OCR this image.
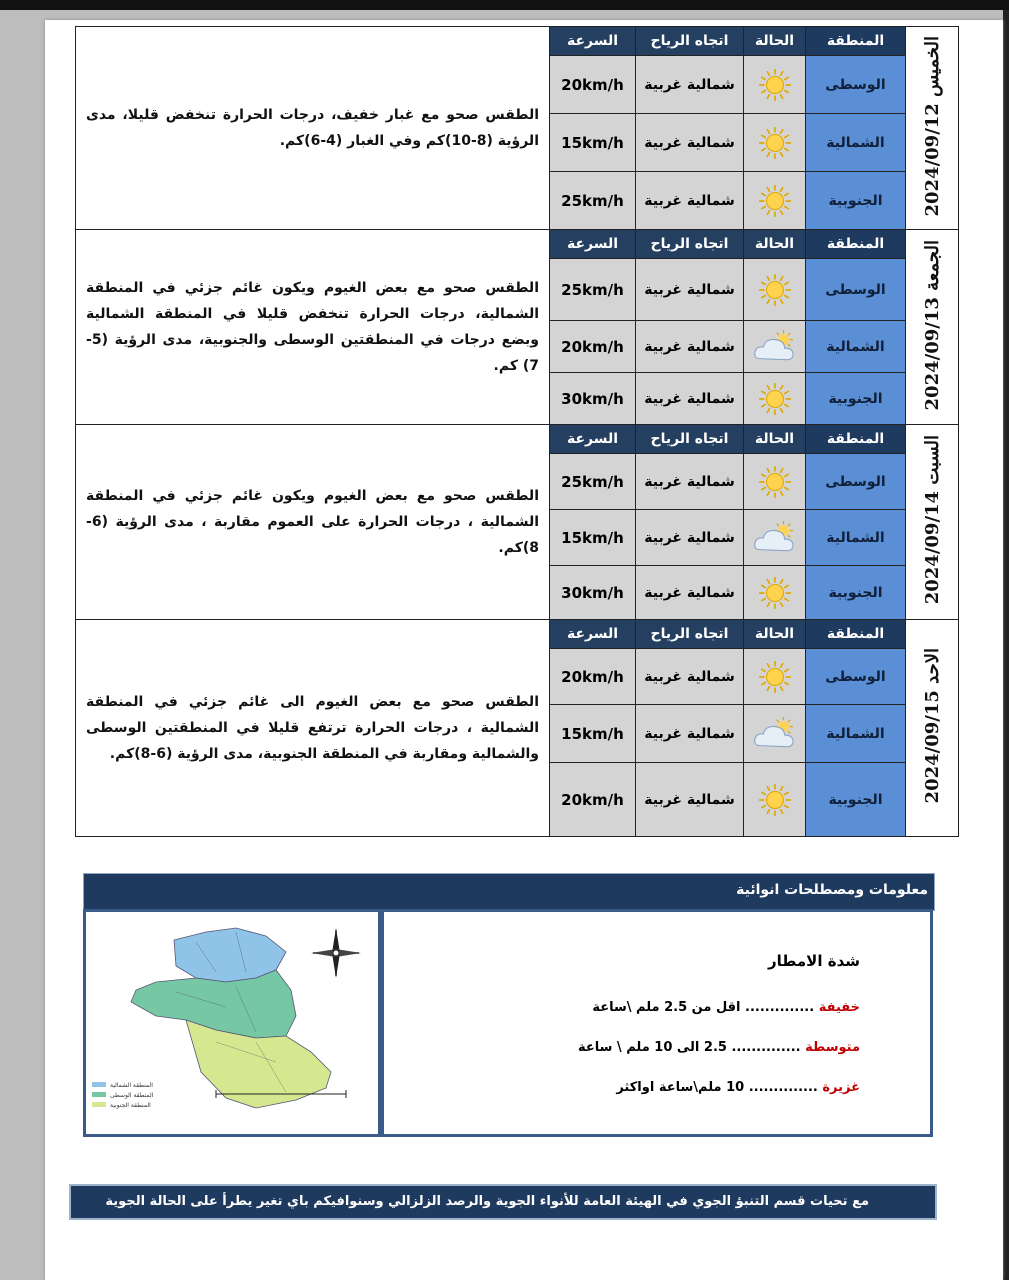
الطقس صحو مع غبار خفيف، درجات الحرارة تنخفض قليلا، مدى الرؤية (8-10)كم وفي الغبار (4-6)كم.	السرعة	اتجاه الرياح	الحالة	المنطقة	الخميس 2024/09/12
	20km/h	شمالية غربية		الوسطى	
	15km/h	شمالية غربية		الشمالية	
	25km/h	شمالية غربية		الجنوبية	
الطقس صحو مع بعض الغيوم ويكون غائم جزئي في المنطقة الشمالية، درجات الحرارة تنخفض قليلا في المنطقة الشمالية وبضع درجات في المنطقتين الوسطى والجنوبية، مدى الرؤية (5-7) كم.	السرعة	اتجاه الرياح	الحالة	المنطقة	الجمعة 2024/09/13
	25km/h	شمالية غربية		الوسطى	
	20km/h	شمالية غربية		الشمالية	
	30km/h	شمالية غربية		الجنوبية	
الطقس صحو مع بعض الغيوم ويكون غائم جزئي في المنطقة الشمالية ، درجات الحرارة على العموم مقاربة ، مدى الرؤية (6-8)كم.	السرعة	اتجاه الرياح	الحالة	المنطقة	السبت 2024/09/14
	25km/h	شمالية غربية		الوسطى	
	15km/h	شمالية غربية		الشمالية	
	30km/h	شمالية غربية		الجنوبية	
الطقس صحو مع بعض الغيوم الى غائم جزئي في المنطقة الشمالية ، درجات الحرارة ترتفع قليلا في المنطقتين الوسطى والشمالية ومقاربة في المنطقة الجنوبية، مدى الرؤية (6-8)كم.	السرعة	اتجاه الرياح	الحالة	المنطقة	الاحد 2024/09/15
	20km/h	شمالية غربية		الوسطى	
	15km/h	شمالية غربية		الشمالية	
	20km/h	شمالية غربية		الجنوبية	
معلومات ومصطلحات انوائية
المنطقة الشمالية
المنطقة الوسطى
المنطقة الجنوبية
شدة الامطار
خفيفة .............. اقل من 2.5 ملم \ساعة
متوسطة .............. 2.5 الى 10 ملم \ ساعة
غزيرة .............. 10 ملم\ساعة اواكثر
مع تحيات قسم التنبؤ الجوي في الهيئة العامة للأنواء الجوية والرصد الزلزالي وسنوافيكم باي تغير يطرأ على الحالة الجوية
